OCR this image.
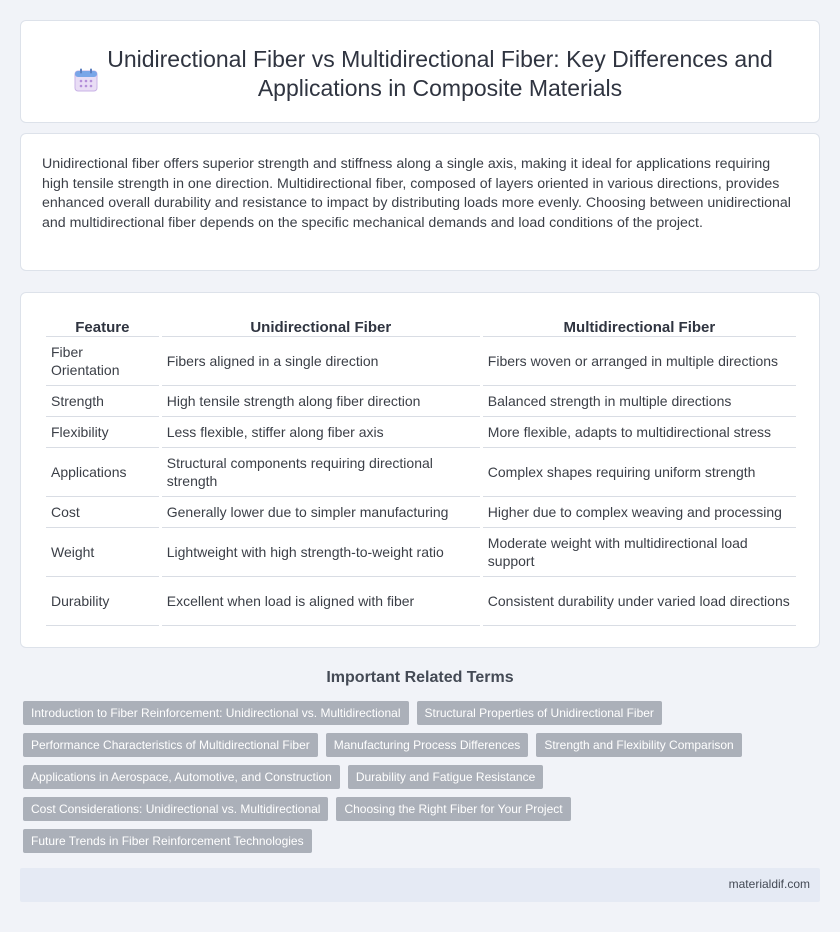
Unidirectional Fiber vs Multidirectional Fiber: Key Differences and Applications in Composite Materials

Unidirectional fiber offers superior strength and stiffness along a single axis, making it ideal for applications requiring high tensile strength in one direction. Multidirectional fiber, composed of layers oriented in various directions, provides enhanced overall durability and resistance to impact by distributing loads more evenly. Choosing between unidirectional and multidirectional fiber depends on the specific mechanical demands and load conditions of the project.

Feature	Unidirectional Fiber	Multidirectional Fiber
Fiber Orientation	Fibers aligned in a single direction	Fibers woven or arranged in multiple directions
Strength	High tensile strength along fiber direction	Balanced strength in multiple directions
Flexibility	Less flexible, stiffer along fiber axis	More flexible, adapts to multidirectional stress
Applications	Structural components requiring directional strength	Complex shapes requiring uniform strength
Cost	Generally lower due to simpler manufacturing	Higher due to complex weaving and processing
Weight	Lightweight with high strength-to-weight ratio	Moderate weight with multidirectional load support
Durability	Excellent when load is aligned with fiber	Consistent durability under varied load directions
Important Related Terms
Introduction to Fiber Reinforcement: Unidirectional vs. Multidirectional	Structural Properties of Unidirectional Fiber
Performance Characteristics of Multidirectional Fiber	Manufacturing Process Differences	Strength and Flexibility Comparison
Applications in Aerospace, Automotive, and Construction	Durability and Fatigue Resistance
Cost Considerations: Unidirectional vs. Multidirectional	Choosing the Right Fiber for Your Project
Future Trends in Fiber Reinforcement Technologies
materialdif.com
